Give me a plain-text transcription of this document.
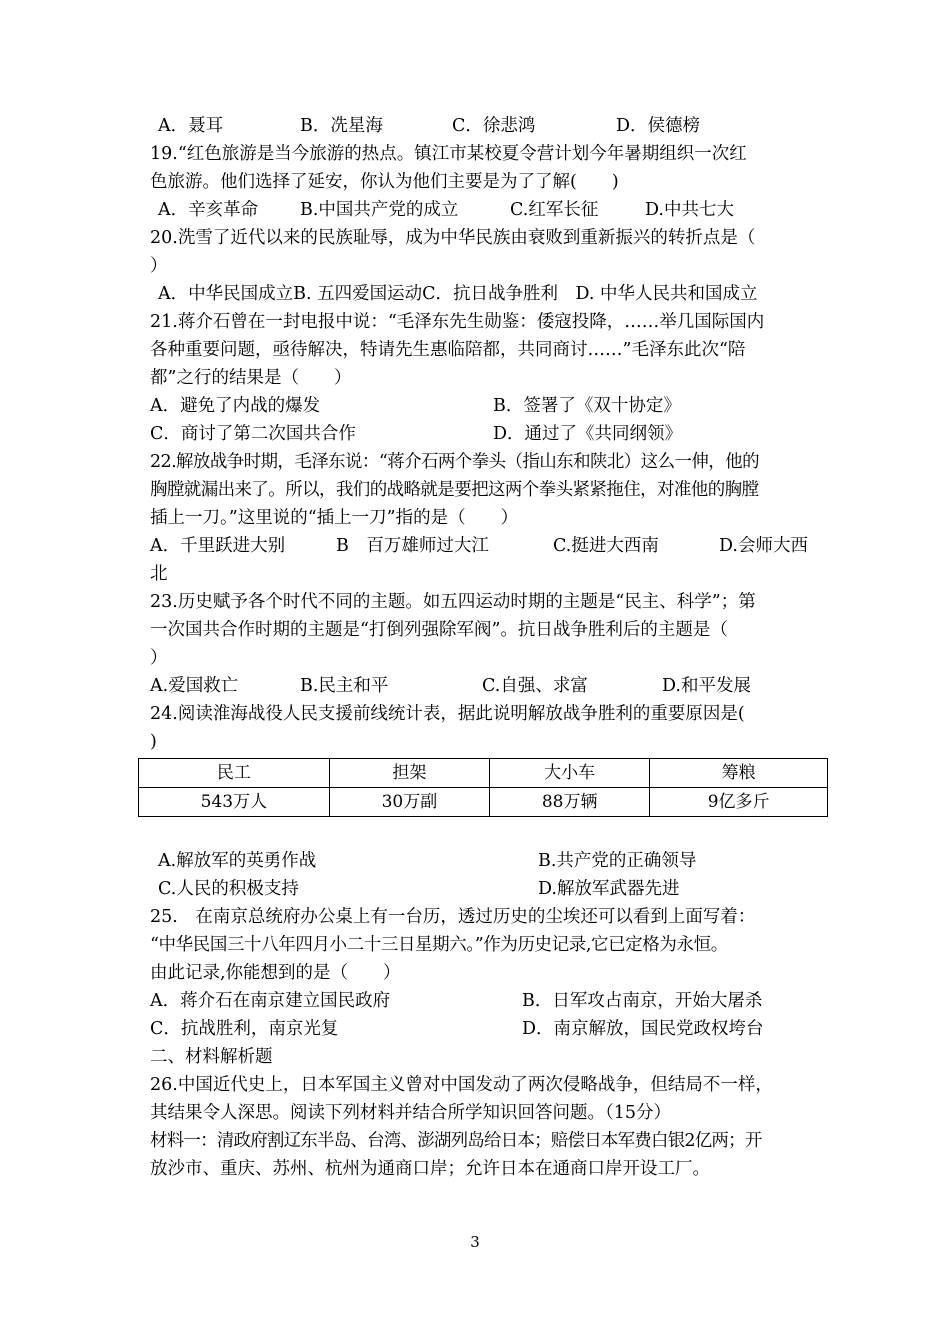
A．聂耳	B．冼星海	C．徐悲鸿	D．侯德榜
19.“红色旅游是当今旅游的热点。镇江市某校夏令营计划今年暑期组织一次红
色旅游。他们选择了延安，你认为他们主要是为了了解(　　)
A．辛亥革命	B.中国共产党的成立	C.红军长征	D.中共七大
20.洗雪了近代以来的民族耻辱，成为中华民族由衰败到重新振兴的转折点是（
）
A．中华民国成立B. 五四爱国运动C．抗日战争胜利　D. 中华人民共和国成立
21.蒋介石曾在一封电报中说：“毛泽东先生勋鉴：倭寇投降，……举几国际国内
各种重要问题，亟待解决，特请先生惠临陪都，共同商讨……”毛泽东此次“陪
都”之行的结果是（　　）
A．避免了内战的爆发	B．签署了《双十协定》
C．商讨了第二次国共合作	D．通过了《共同纲领》
22.解放战争时期，毛泽东说：“蒋介石两个拳头（指山东和陕北）这么一伸，他的
胸膛就漏出来了。所以，我们的战略就是要把这两个拳头紧紧拖住，对准他的胸膛
插上一刀。”这里说的“插上一刀”指的是（　　）
A．千里跃进大别	B　百万雄师过大江	C.挺进大西南	D.会师大西
北
23.历史赋予各个时代不同的主题。如五四运动时期的主题是“民主、科学”；第
一次国共合作时期的主题是“打倒列强除军阀”。抗日战争胜利后的主题是（
）
A.爱国救亡	B.民主和平	C.自强、求富	D.和平发展
24.阅读淮海战役人民支援前线统计表，据此说明解放战争胜利的重要原因是(
)
民工	担架	大小车	筹粮
543万人	30万副	88万辆	9亿多斤
A.解放军的英勇作战	B.共产党的正确领导
C.人民的积极支持	D.解放军武器先进
25.　在南京总统府办公桌上有一台历，透过历史的尘埃还可以看到上面写着：
“中华民国三十八年四月小二十三日星期六。”作为历史记录,它已定格为永恒。
由此记录,你能想到的是（　　）
A．蒋介石在南京建立国民政府	B．日军攻占南京，开始大屠杀
C．抗战胜利，南京光复	D．南京解放，国民党政权垮台
二、材料解析题
26.中国近代史上，日本军国主义曾对中国发动了两次侵略战争，但结局不一样，
其结果令人深思。阅读下列材料并结合所学知识回答问题。（15分）
材料一：清政府割辽东半岛、台湾、澎湖列岛给日本；赔偿日本军费白银2亿两；开
放沙市、重庆、苏州、杭州为通商口岸；允许日本在通商口岸开设工厂。
3
